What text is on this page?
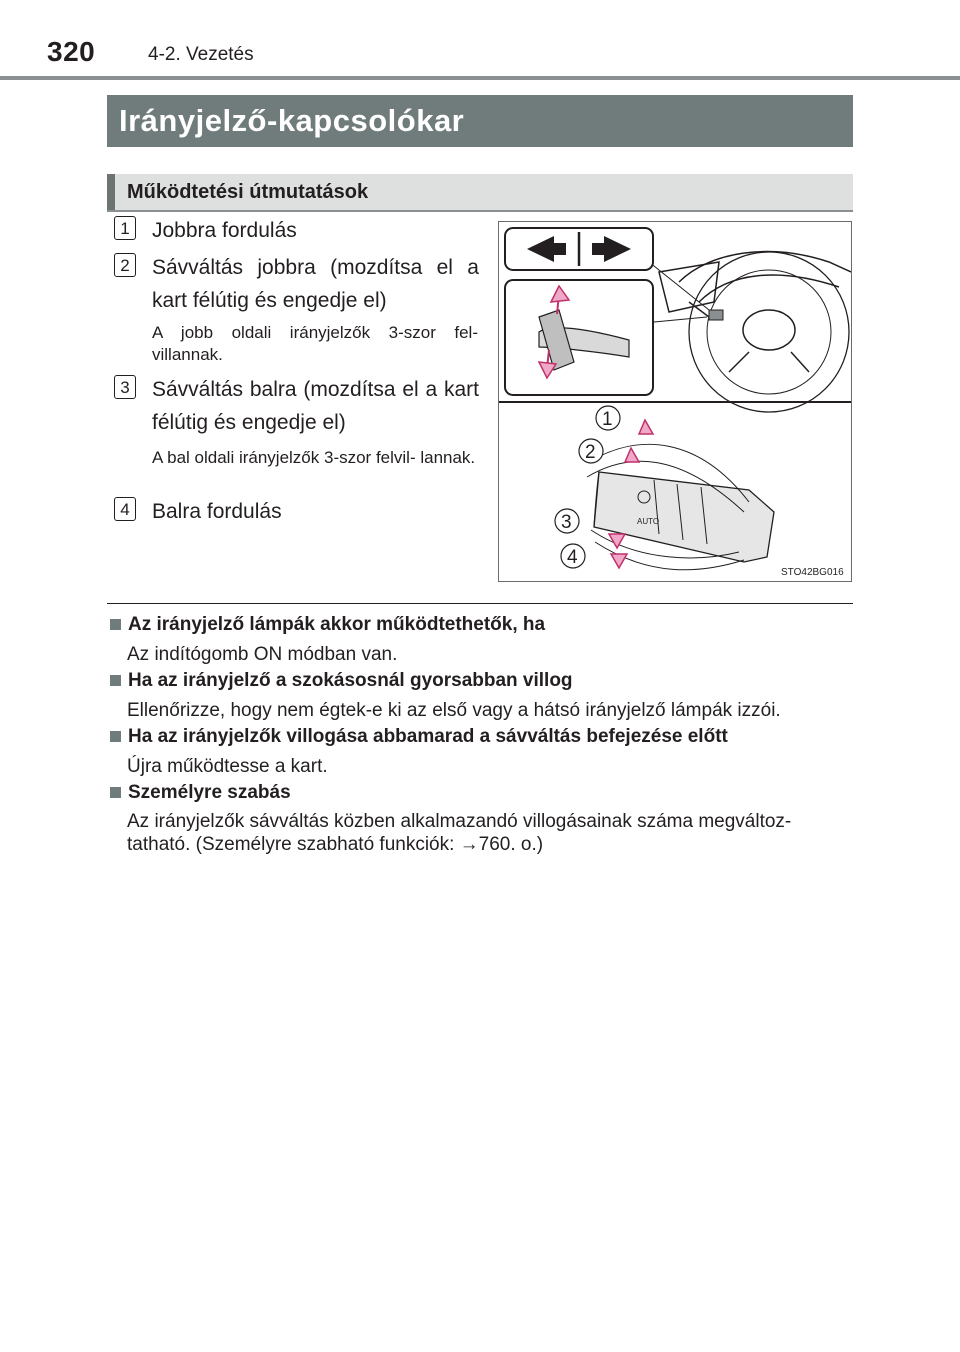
320	4-2. Vezetés
Irányjelző-kapcsolókar
Működtetési útmutatások
1 Jobbra fordulás
2 Sávváltás jobbra (mozdítsa el a kart félútig és engedje el)
A jobb oldali irányjelzők 3-szor fel- villannak.
3 Sávváltás balra (mozdítsa el a kart félútig és engedje el)
A bal oldali irányjelzők 3-szor felvil- lannak.
4 Balra fordulás	AUTO
1
2
3
4
STO42BG016
Az irányjelző lámpák akkor működtethetők, ha
Az indítógomb ON módban van.
Ha az irányjelző a szokásosnál gyorsabban villog
Ellenőrizze, hogy nem égtek-e ki az első vagy a hátsó irányjelző lámpák izzói.
Ha az irányjelzők villogása abbamarad a sávváltás befejezése előtt
Újra működtesse a kart.
Személyre szabás
Az irányjelzők sávváltás közben alkalmazandó villogásainak száma megváltoz- tatható. (Személyre szabható funkciók: →760. o.)
